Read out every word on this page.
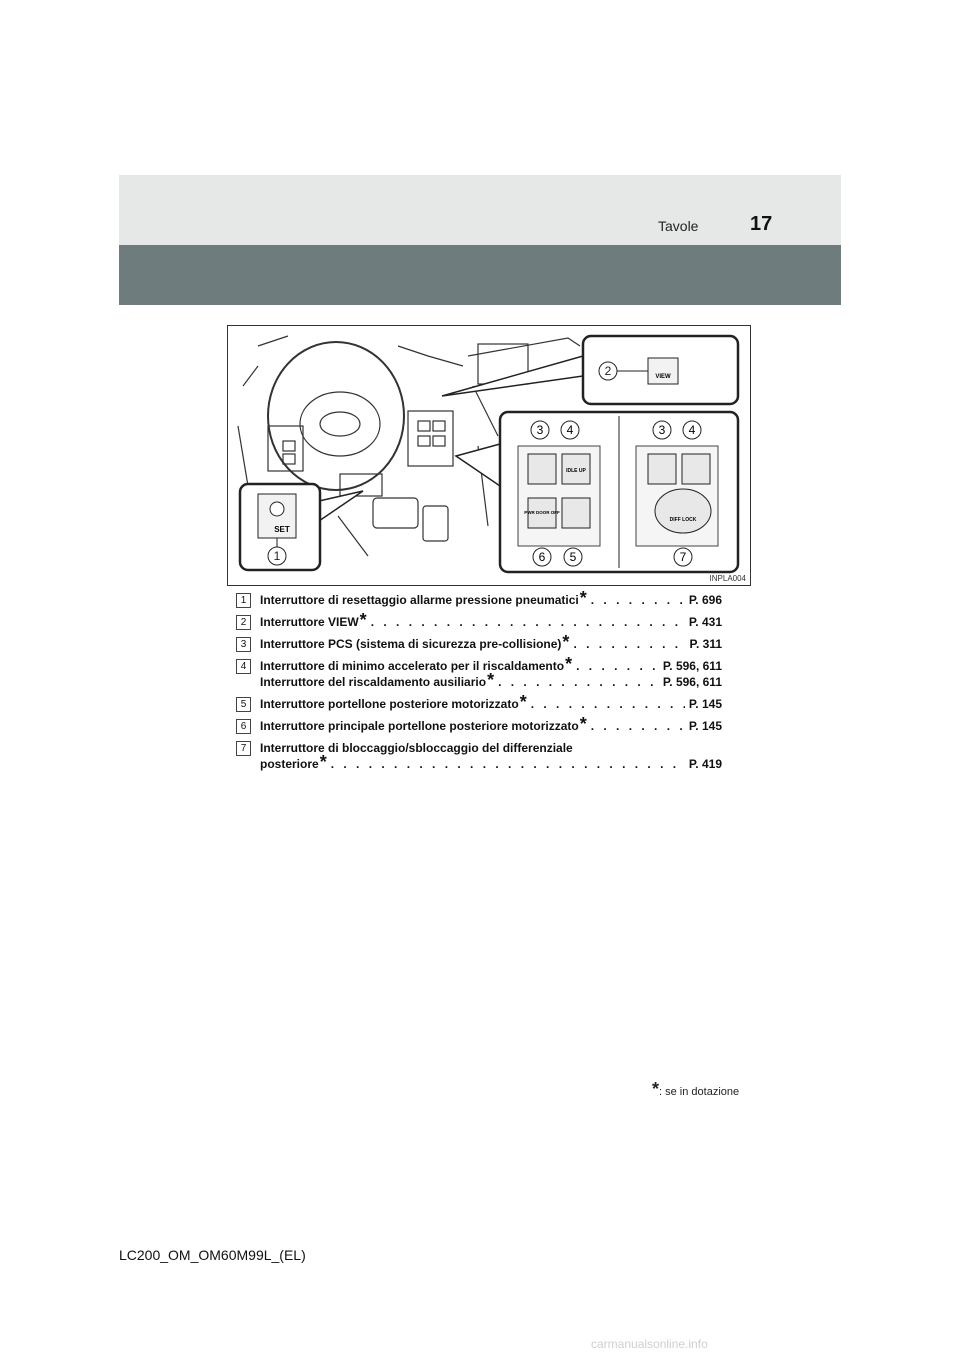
Tavole	17
2	VIEW
SET
1
IDLE UP
PWR DOOR OFF
DIFF LOCK
3 4	3 4
6 5	7
INPLA004
1	Interruttore di resettaggio allarme pressione pneumatici * . . .	P. 696
2	Interruttore VIEW * . . .	P. 431
3	Interruttore PCS (sistema di sicurezza pre-collisione) * . . .	P. 311
4	Interruttore di minimo accelerato per il riscaldamento * . . .	P. 596, 611
Interruttore del riscaldamento ausiliario * . . .	P. 596, 611
5	Interruttore portellone posteriore motorizzato * . . .	P. 145
6	Interruttore principale portellone posteriore motorizzato * . . .	P. 145
7	Interruttore di bloccaggio/sbloccaggio del differenziale
posteriore * . . .	P. 419
*: se in dotazione
LC200_OM_OM60M99L_(EL)
carmanualsonline.info
